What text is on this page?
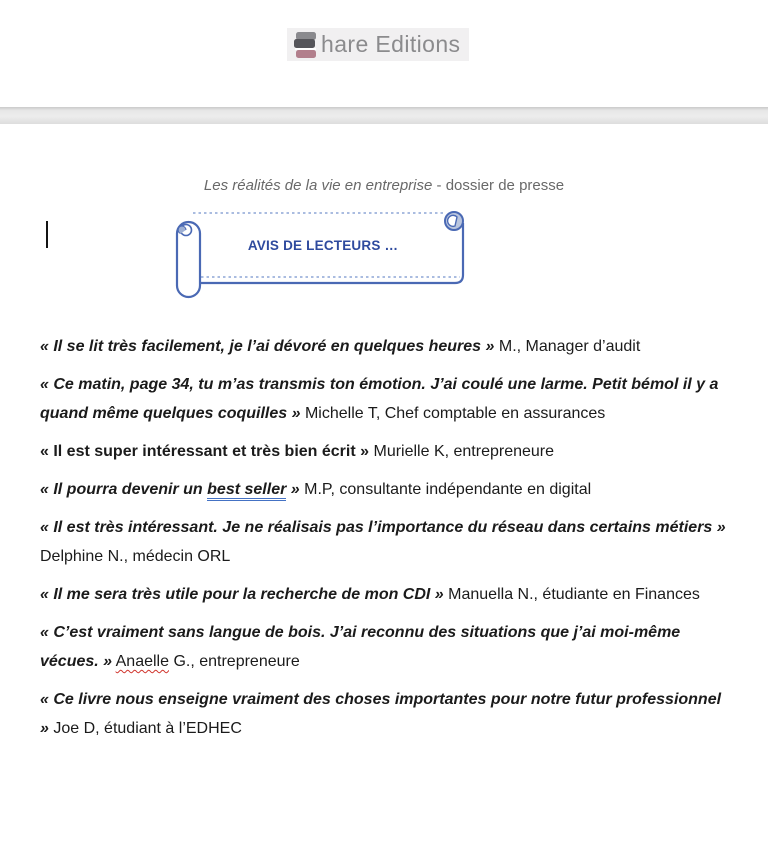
hare Editions
Les réalités de la vie en entreprise - dossier de presse
AVIS DE LECTEURS …

« Il se lit très facilement, je l’ai dévoré en quelques heures » M., Manager d’audit

« Ce matin, page 34, tu m’as transmis ton émotion. J’ai coulé une larme. Petit bémol il y a quand même quelques coquilles » Michelle T, Chef comptable en assurances

« Il est super intéressant et très bien écrit » Murielle K, entrepreneure

« Il pourra devenir un best seller » M.P, consultante indépendante en digital

« Il est très intéressant. Je ne réalisais pas l’importance du réseau dans certains métiers » Delphine N., médecin ORL

« Il me sera très utile pour la recherche de mon CDI » Manuella N., étudiante en Finances

« C’est vraiment sans langue de bois. J’ai reconnu des situations que j’ai moi-même vécues. » Anaelle G., entrepreneure

« Ce livre nous enseigne vraiment des choses importantes pour notre futur professionnel » Joe D, étudiant à l’EDHEC
